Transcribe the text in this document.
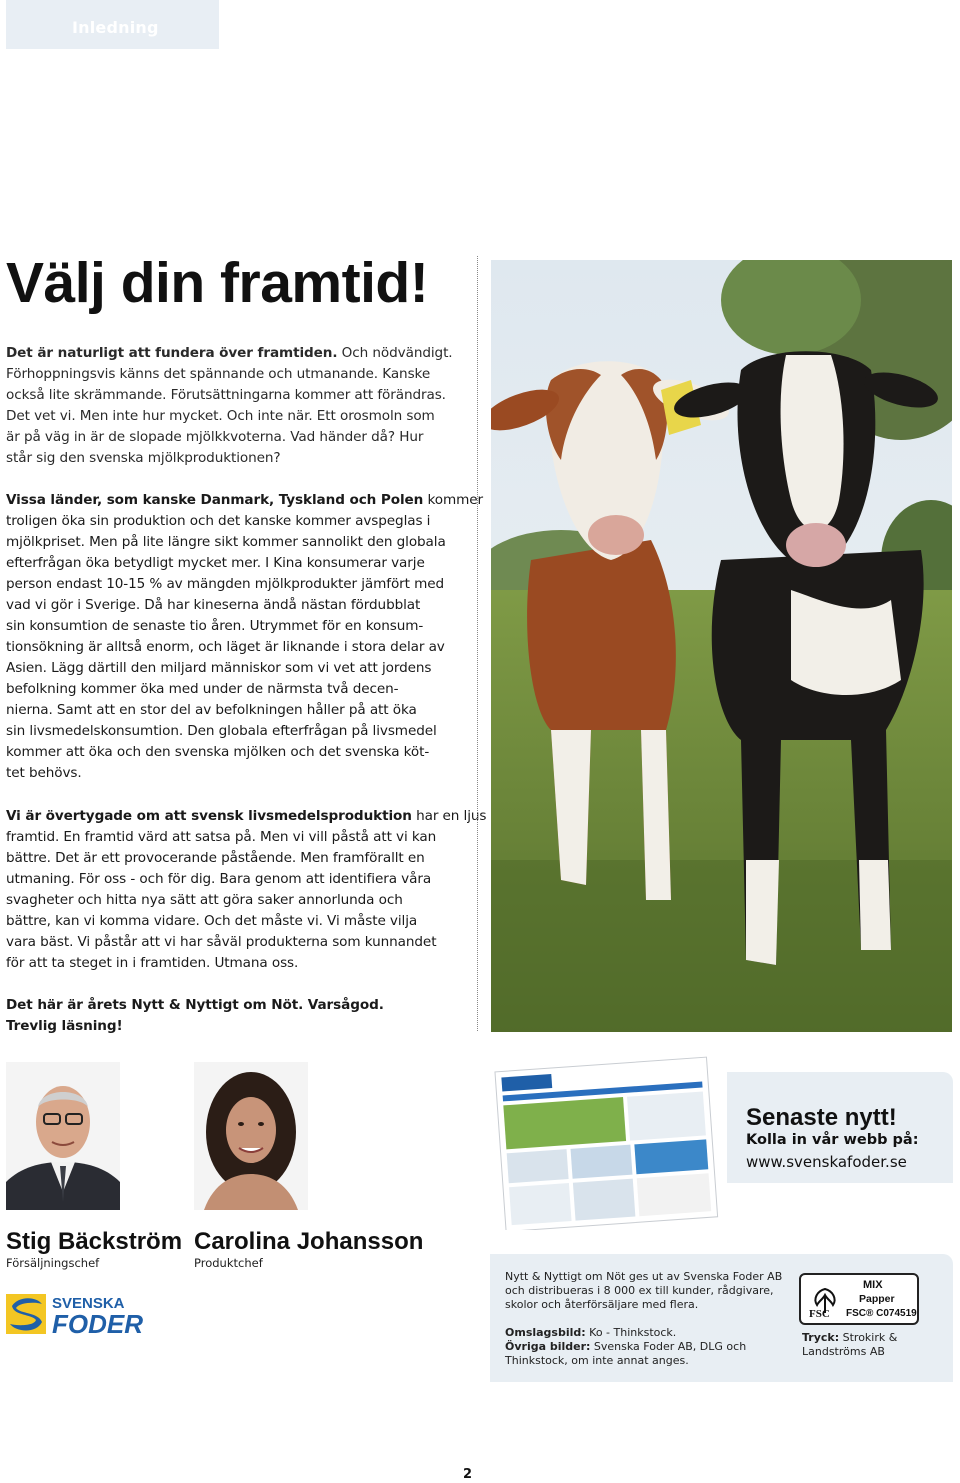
Inledning
Välj din framtid!
Det är naturligt att fundera över framtiden. Och nödvändigt.
Förhoppningsvis känns det spännande och utmanande. Kanske
också lite skrämmande. Förutsättningarna kommer att förändras.
Det vet vi. Men inte hur mycket. Och inte när. Ett orosmoln som
är på väg in är de slopade mjölkkvoterna. Vad händer då? Hur
står sig den svenska mjölkproduktionen?
Vissa länder, som kanske Danmark, Tyskland och Polen kommer
troligen öka sin produktion och det kanske kommer avspeglas i
mjölkpriset. Men på lite längre sikt kommer sannolikt den globala
efterfrågan öka betydligt mycket mer. I Kina konsumerar varje
person endast 10-15 % av mängden mjölkprodukter jämfört med
vad vi gör i Sverige. Då har kineserna ändå nästan fördubblat
sin konsumtion de senaste tio åren. Utrymmet för en konsum-
tionsökning är alltså enorm, och läget är liknande i stora delar av
Asien. Lägg därtill den miljard människor som vi vet att jordens
befolkning kommer öka med under de närmsta två decen-
nierna. Samt att en stor del av befolkningen håller på att öka
sin livsmedelskonsumtion. Den globala efterfrågan på livsmedel
kommer att öka och den svenska mjölken och det svenska köt-
tet behövs.
Vi är övertygade om att svensk livsmedelsproduktion har en ljus
framtid. En framtid värd att satsa på. Men vi vill påstå att vi kan
bättre. Det är ett provocerande påstående. Men framförallt en
utmaning. För oss - och för dig. Bara genom att identifiera våra
svagheter och hitta nya sätt att göra saker annorlunda och
bättre, kan vi komma vidare. Och det måste vi. Vi måste vilja
vara bäst. Vi påstår att vi har såväl produkterna som kunnandet
för att ta steget in i framtiden. Utmana oss.
Det här är årets Nytt & Nyttigt om Nöt. Varsågod.
Trevlig läsning!
Stig Bäckström
Försäljningschef
Carolina Johansson
Produktchef
SVENSKA
FODER
Senaste nytt!
Kolla in vår webb på:
www.svenskafoder.se
Nytt & Nyttigt om Nöt ges ut av Svenska Foder AB och distribueras i 8 000 ex till kunder, rådgivare, skolor och återförsäljare med flera.
Omslagsbild: Ko - Thinkstock.
Övriga bilder: Svenska Foder AB, DLG och Thinkstock, om inte annat anges.
FSC
MIX
Papper
FSC® C074519
Tryck: Strokirk & Landströms AB
2
